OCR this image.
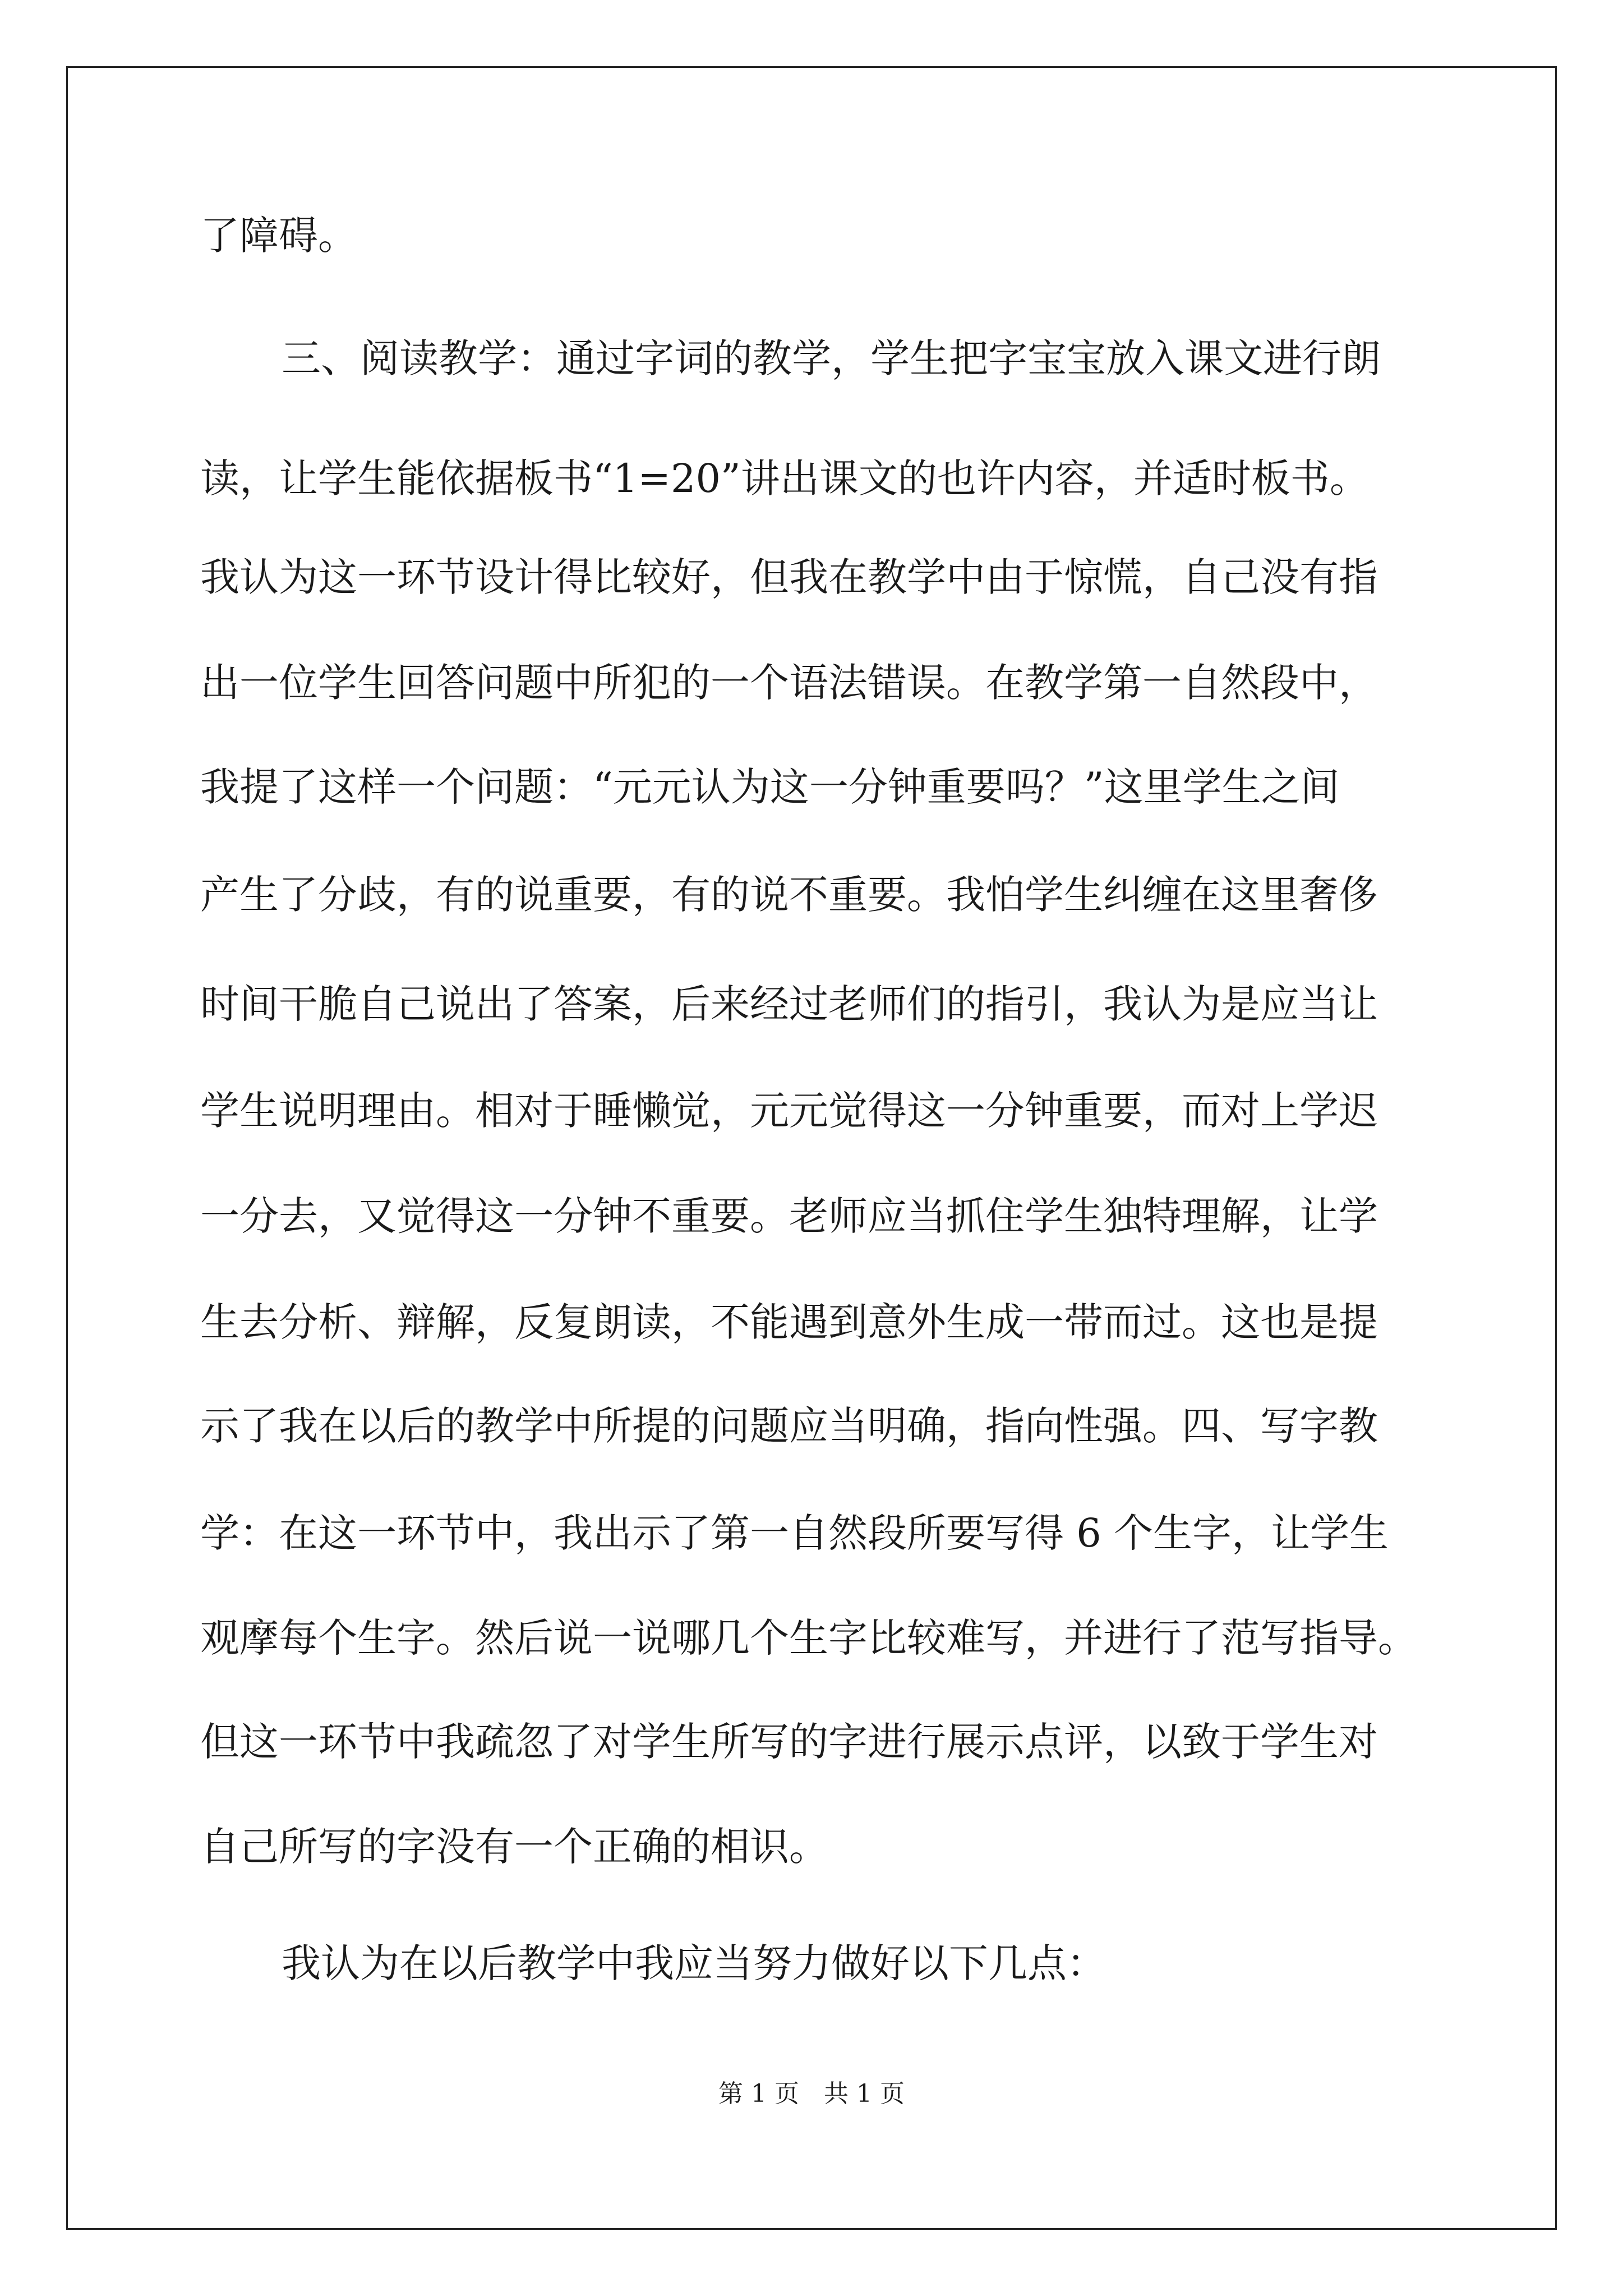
了障碍。
三、阅读教学：通过字词的教学，学生把字宝宝放入课文进行朗
读，让学生能依据板书“1=20”讲出课文的也许内容，并适时板书。
我认为这一环节设计得比较好，但我在教学中由于惊慌，自己没有指
出一位学生回答问题中所犯的一个语法错误。在教学第一自然段中，
我提了这样一个问题：“元元认为这一分钟重要吗？”这里学生之间
产生了分歧，有的说重要，有的说不重要。我怕学生纠缠在这里奢侈
时间干脆自己说出了答案，后来经过老师们的指引，我认为是应当让
学生说明理由。相对于睡懒觉，元元觉得这一分钟重要，而对上学迟
一分去，又觉得这一分钟不重要。老师应当抓住学生独特理解，让学
生去分析、辩解，反复朗读，不能遇到意外生成一带而过。这也是提
示了我在以后的教学中所提的问题应当明确，指向性强。四、写字教
学：在这一环节中，我出示了第一自然段所要写得 6 个生字，让学生
观摩每个生字。然后说一说哪几个生字比较难写，并进行了范写指导。
但这一环节中我疏忽了对学生所写的字进行展示点评，以致于学生对
自己所写的字没有一个正确的相识。
我认为在以后教学中我应当努力做好以下几点：
第 1 页　共 1 页
